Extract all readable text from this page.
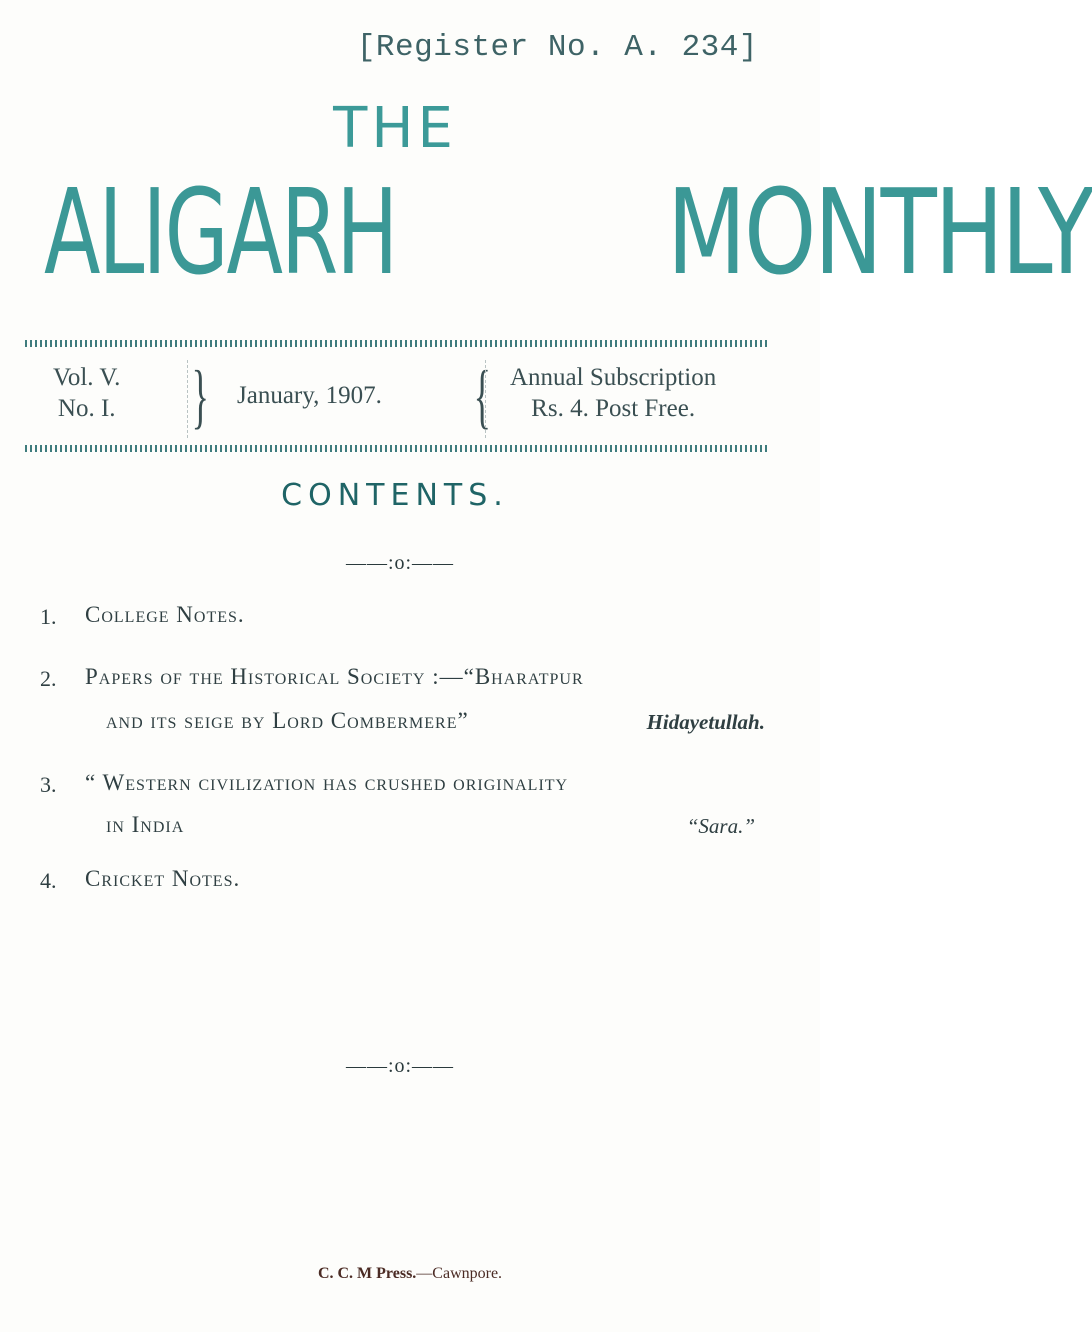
[Register No. A. 234]
THE
ALIGARH MONTHLY
Vol. V.
No. I. } January, 1907. { Annual Subscription
Rs. 4. Post Free.
CONTENTS.
——:o:——
1. College Notes.
2. Papers of the Historical Society :—“Bharatpur
and its seige by Lord Combermere”	Hidayetullah.
3. “ Western civilization has crushed originality
in India	“Sara.”
4. Cricket Notes.
——:o:——
C. C. M Press.—Cawnpore.
